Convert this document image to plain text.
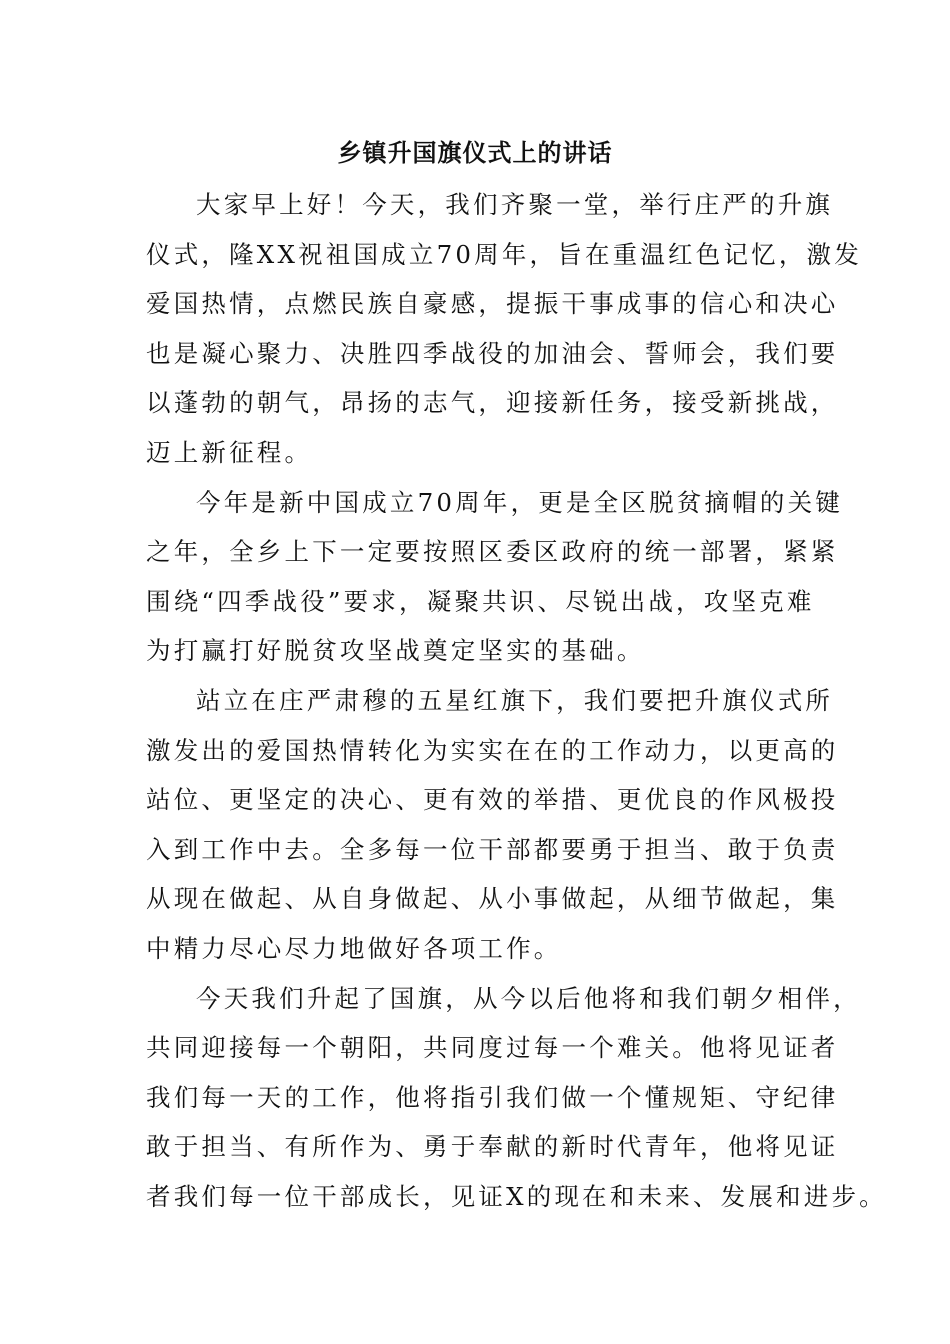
乡镇升国旗仪式上的讲话
大家早上好！今天，我们齐聚一堂，举行庄严的升旗
仪式，隆XX祝祖国成立70周年，旨在重温红色记忆，激发
爱国热情，点燃民族自豪感，提振干事成事的信心和决心
也是凝心聚力、决胜四季战役的加油会、誓师会，我们要
以蓬勃的朝气，昂扬的志气，迎接新任务，接受新挑战，
迈上新征程。
今年是新中国成立70周年，更是全区脱贫摘帽的关键
之年，全乡上下一定要按照区委区政府的统一部署，紧紧
围绕“四季战役”要求，凝聚共识、尽锐出战，攻坚克难
为打赢打好脱贫攻坚战奠定坚实的基础。
站立在庄严肃穆的五星红旗下，我们要把升旗仪式所
激发出的爱国热情转化为实实在在的工作动力，以更高的
站位、更坚定的决心、更有效的举措、更优良的作风极投
入到工作中去。全多每一位干部都要勇于担当、敢于负责
从现在做起、从自身做起、从小事做起，从细节做起，集
中精力尽心尽力地做好各项工作。
今天我们升起了国旗，从今以后他将和我们朝夕相伴，
共同迎接每一个朝阳，共同度过每一个难关。他将见证者
我们每一天的工作，他将指引我们做一个懂规矩、守纪律
敢于担当、有所作为、勇于奉献的新时代青年，他将见证
者我们每一位干部成长，见证X的现在和未来、发展和进步。
